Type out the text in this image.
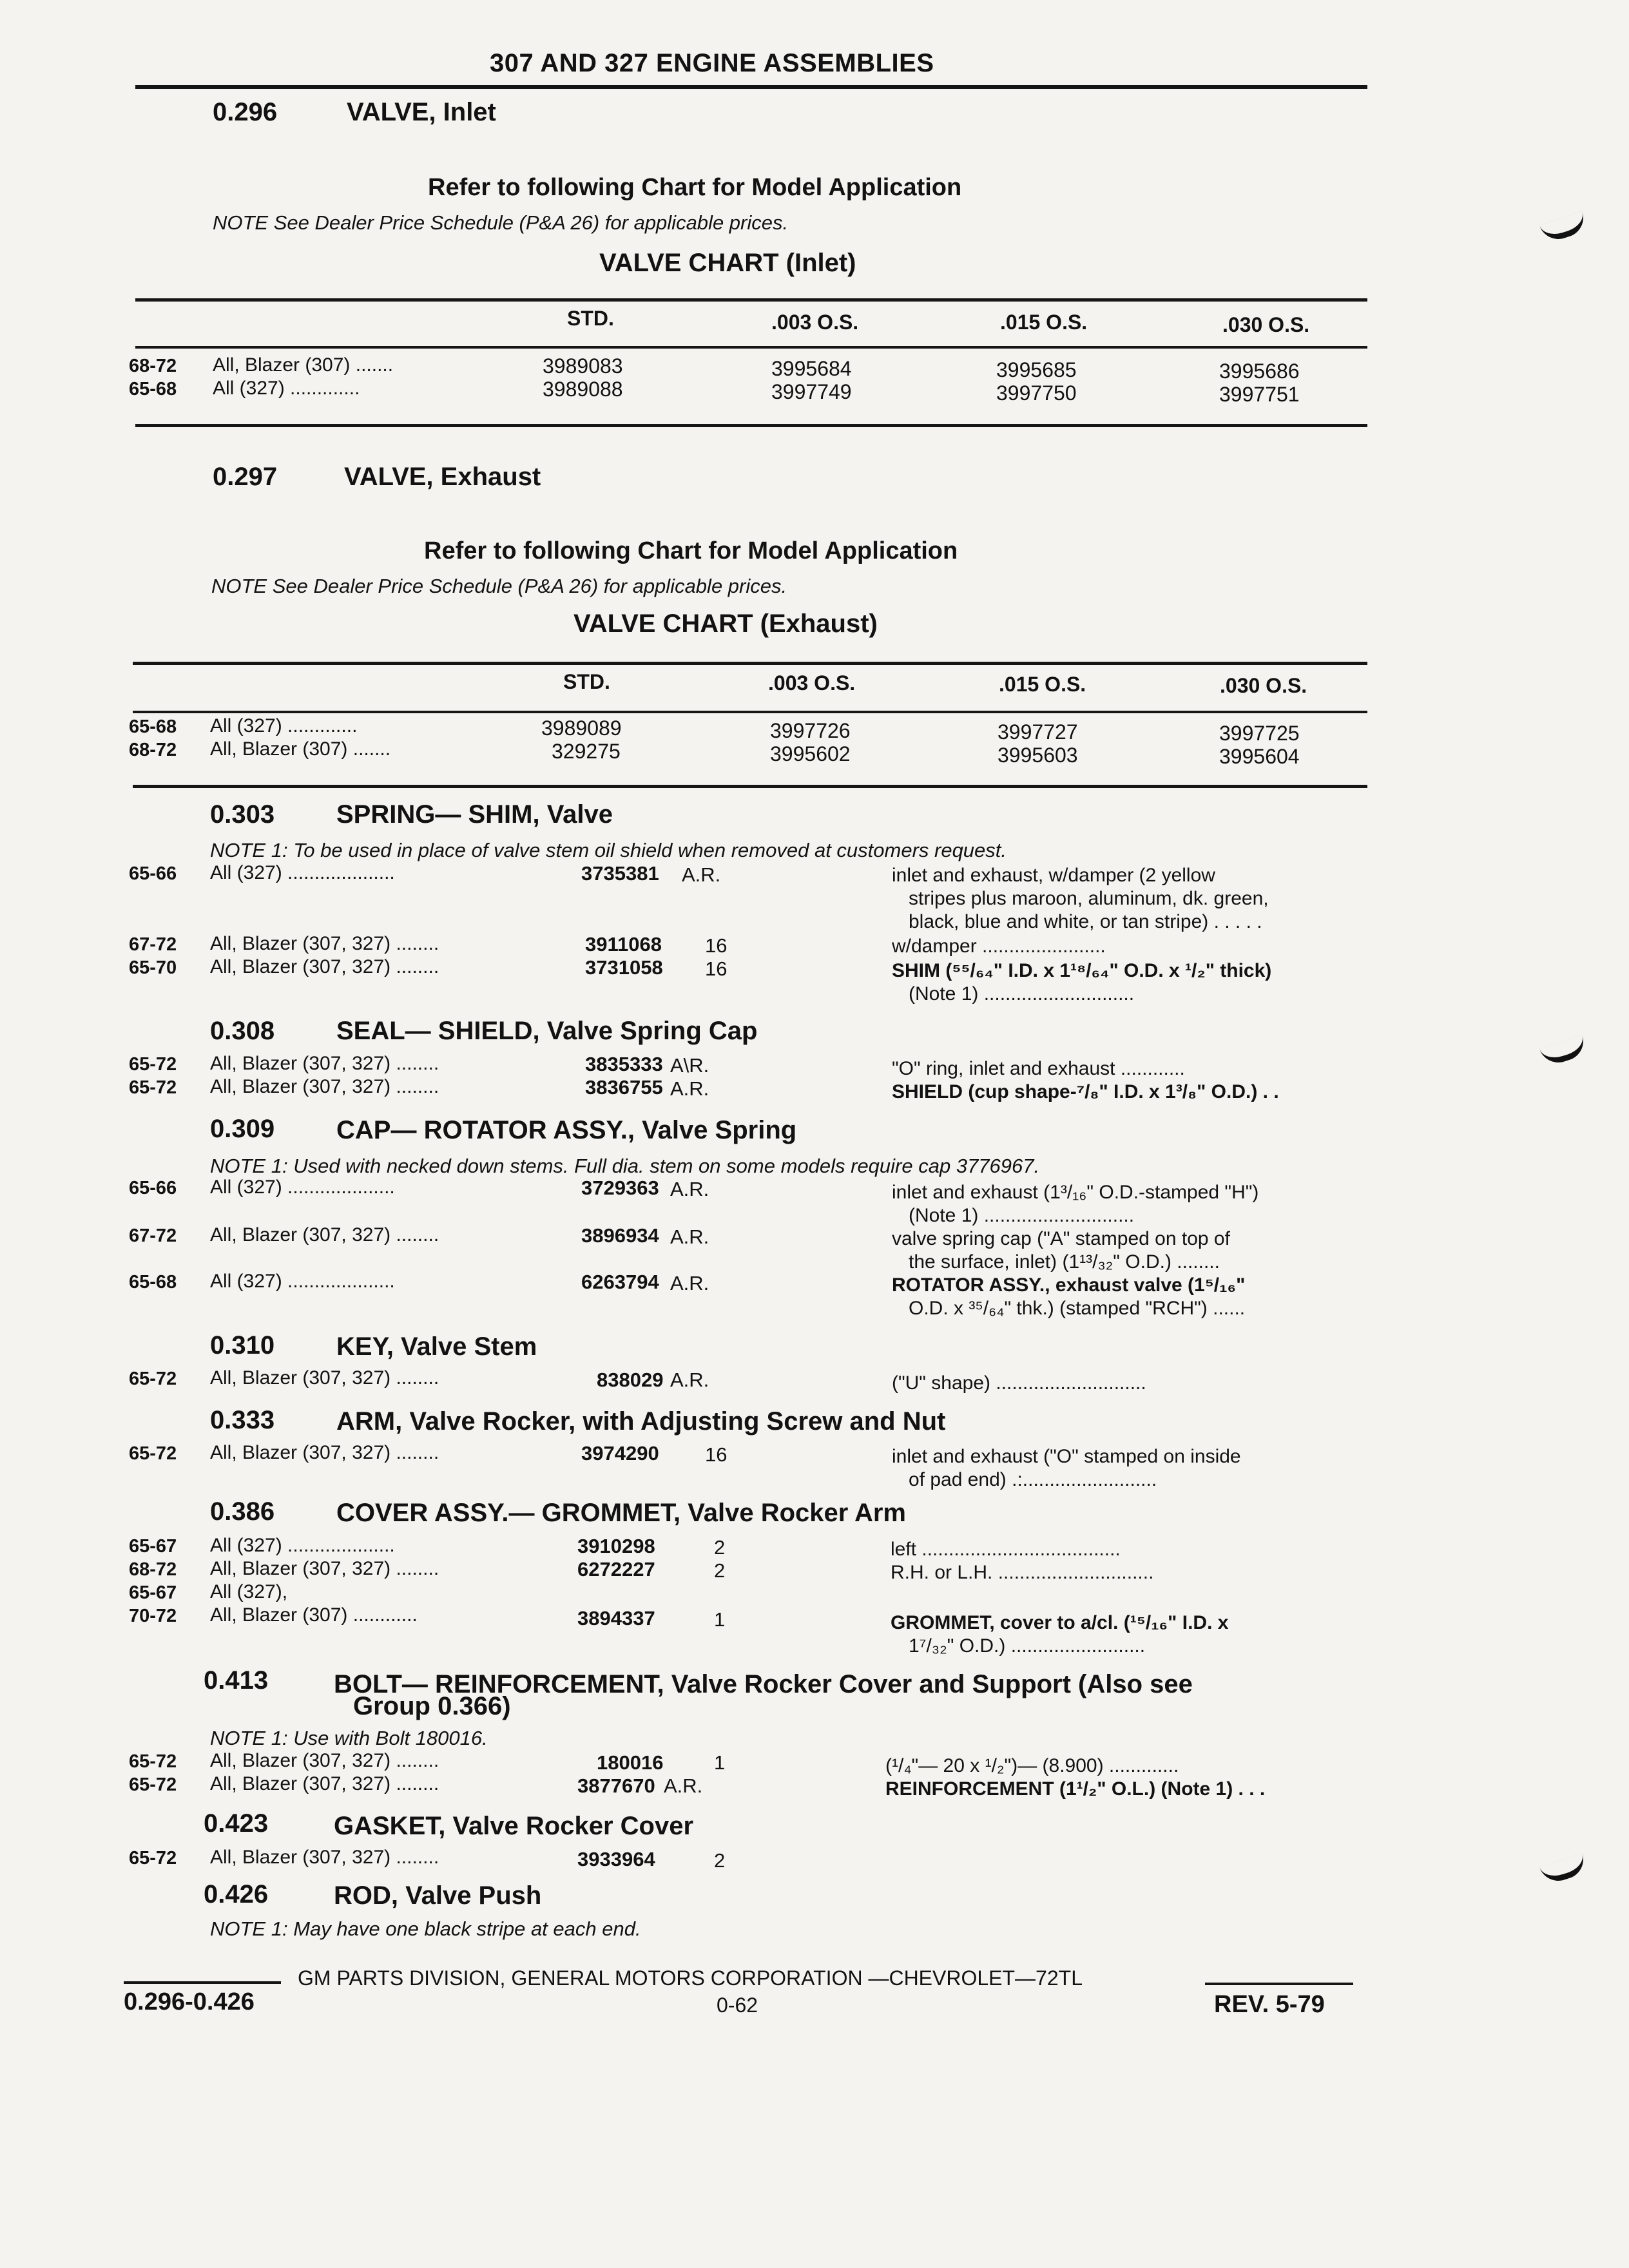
307 AND 327 ENGINE ASSEMBLIES
0.296	VALVE, Inlet
Refer to following Chart for Model Application
NOTE See Dealer Price Schedule (P&A 26) for applicable prices.
VALVE CHART (Inlet)
STD.	.003 O.S.	.015 O.S.	.030 O.S.
68-72 All, Blazer (307) .......	3989083	3995684	3995685	3995686
65-68 All (327) .............	3989088	3997749	3997750	3997751
0.297	VALVE, Exhaust
Refer to following Chart for Model Application
NOTE See Dealer Price Schedule (P&A 26) for applicable prices.
VALVE CHART (Exhaust)
STD.	.003 O.S.	.015 O.S.	.030 O.S.
65-68 All (327) .............	3989089	3997726	3997727	3997725
68-72 All, Blazer (307) .......	329275	3995602	3995603	3995604
0.303 SPRING— SHIM, Valve
NOTE 1: To be used in place of valve stem oil shield when removed at customers request.
65-66 All (327) ....................	3735381 A.R.	inlet and exhaust, w/damper (2 yellow
stripes plus maroon, aluminum, dk. green,
black, blue and white, or tan stripe) . . . . .
67-72 All, Blazer (307, 327) ........	3911068 16	w/damper .......................
65-70 All, Blazer (307, 327) ........	3731058 16	SHIM (⁵⁵/₆₄" I.D. x 1¹⁸/₆₄" O.D. x ¹/₂" thick)
(Note 1) ............................
0.308 SEAL— SHIELD, Valve Spring Cap
65-72 All, Blazer (307, 327) ........	3835333 A\R.	"O" ring, inlet and exhaust ............
65-72 All, Blazer (307, 327) ........	3836755 A.R.	SHIELD (cup shape-⁷/₈" I.D. x 1³/₈" O.D.) . .
0.309 CAP— ROTATOR ASSY., Valve Spring
NOTE 1: Used with necked down stems. Full dia. stem on some models require cap 3776967.
65-66 All (327) ....................	3729363 A.R.	inlet and exhaust (1³/₁₆" O.D.-stamped "H")
(Note 1) ............................
67-72 All, Blazer (307, 327) ........	3896934 A.R.	valve spring cap ("A" stamped on top of
the surface, inlet) (1¹³/₃₂" O.D.) ........
65-68 All (327) ....................	6263794 A.R.	ROTATOR ASSY., exhaust valve (1⁵/₁₆"
O.D. x ³⁵/₆₄" thk.) (stamped "RCH") ......
0.310 KEY, Valve Stem
65-72 All, Blazer (307, 327) ........	838029 A.R.	("U" shape) ............................
0.333 ARM, Valve Rocker, with Adjusting Screw and Nut
65-72 All, Blazer (307, 327) ........	3974290 16	inlet and exhaust ("O" stamped on inside
of pad end) .:.........................
0.386 COVER ASSY.— GROMMET, Valve Rocker Arm
65-67 All (327) ....................	3910298	2	left .....................................
68-72 All, Blazer (307, 327) ........	6272227	2	R.H. or L.H. .............................
65-67 All (327),
70-72 All, Blazer (307) ............	3894337	1	GROMMET, cover to a/cl. (¹⁵/₁₆" I.D. x
1⁷/₃₂" O.D.) .........................
0.413	BOLT— REINFORCEMENT, Valve Rocker Cover and Support (Also see
Group 0.366)
NOTE 1: Use with Bolt 180016.
65-72 All, Blazer (307, 327) ........	180016	1	(¹/₄"— 20 x ¹/₂")— (8.900) .............
65-72 All, Blazer (307, 327) ........	3877670 A.R.	REINFORCEMENT (1¹/₂" O.L.) (Note 1) . . .
0.423	GASKET, Valve Rocker Cover
65-72 All, Blazer (307, 327) ........	3933964	2
0.426	ROD, Valve Push
NOTE 1: May have one black stripe at each end.
GM PARTS DIVISION, GENERAL MOTORS CORPORATION —CHEVROLET—72TL
0.296-0.426	0-62	REV. 5-79
